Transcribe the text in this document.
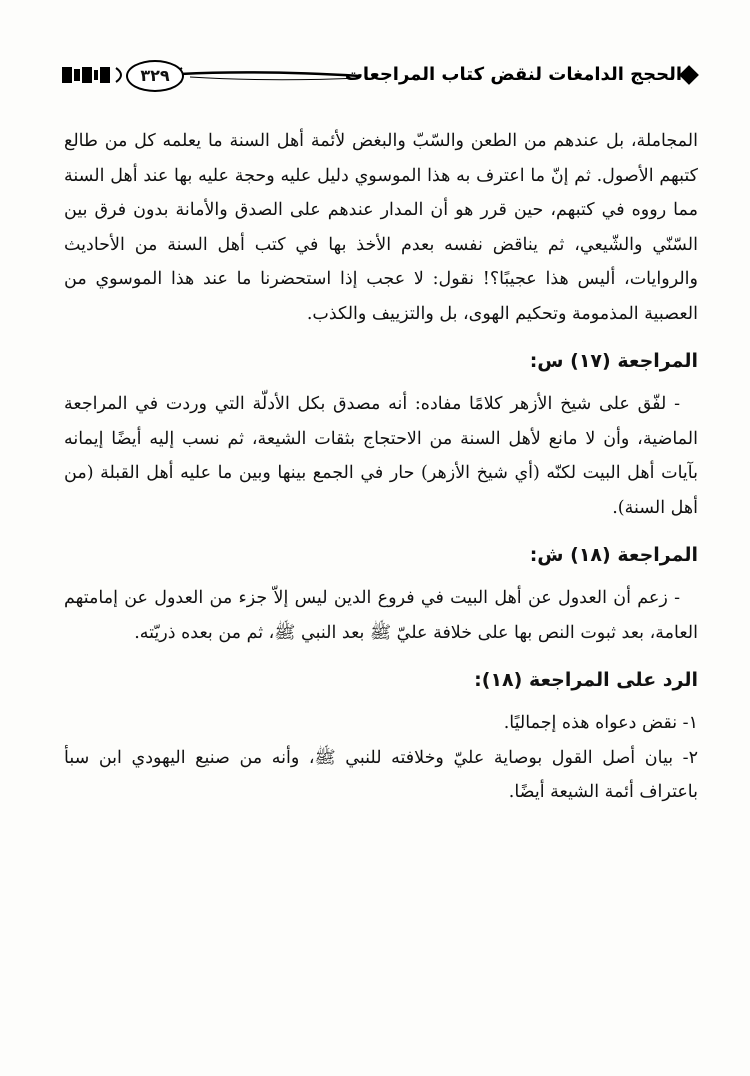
٣٢٩	الحجج الدامغات لنقض كتاب المراجعات

المجاملة، بل عندهم من الطعن والسّبّ والبغض لأئمة أهل السنة ما يعلمه كل من طالع كتبهم الأصول. ثم إنّ ما اعترف به هذا الموسوي دليل عليه وحجة عليه بها عند أهل السنة مما رووه في كتبهم، حين قرر هو أن المدار عندهم على الصدق والأمانة بدون فرق بين السّنّي والشّيعي، ثم يناقض نفسه بعدم الأخذ بها في كتب أهل السنة من الأحاديث والروايات، أليس هذا عجيبًا؟! نقول: لا عجب إذا استحضرنا ما عند هذا الموسوي من العصبية المذمومة وتحكيم الهوى، بل والتزييف والكذب.

المراجعة (١٧) س:

- لفّق على شيخ الأزهر كلامًا مفاده: أنه مصدق بكل الأدلّة التي وردت في المراجعة الماضية، وأن لا مانع لأهل السنة من الاحتجاج بثقات الشيعة، ثم نسب إليه أيضًا إيمانه بآيات أهل البيت لكنّه (أي شيخ الأزهر) حار في الجمع بينها وبين ما عليه أهل القبلة (من أهل السنة).

المراجعة (١٨) ش:

- زعم أن العدول عن أهل البيت في فروع الدين ليس إلاّ جزء من العدول عن إمامتهم العامة، بعد ثبوت النص بها على خلافة عليّ ﷺ بعد النبي ﷺ، ثم من بعده ذريّته.

الرد على المراجعة (١٨):

١- نقض دعواه هذه إجماليًا.

٢- بيان أصل القول بوصاية عليّ وخلافته للنبي ﷺ، وأنه من صنيع اليهودي ابن سبأ باعتراف أئمة الشيعة أيضًا.
